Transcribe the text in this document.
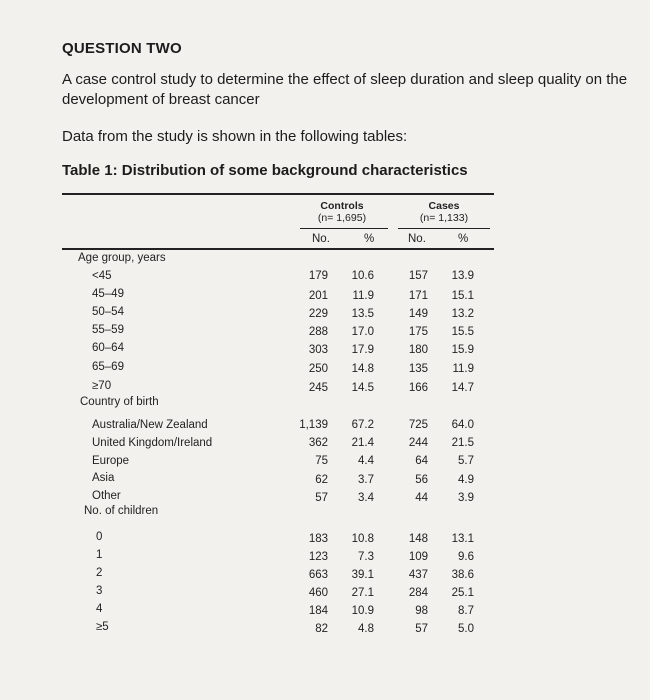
QUESTION TWO
A case control study to determine the effect of sleep duration and sleep quality on the development of breast cancer
Data from the study is shown in the following tables:
Table 1: Distribution of some background characteristics
Controls
(n= 1,695)
Cases
(n= 1,133)
No.	%	No.	%
Age group, years
<45	179	10.6	157	13.9
45–49	201	11.9	171	15.1
50–54	229	13.5	149	13.2
55–59	288	17.0	175	15.5
60–64	303	17.9	180	15.9
65–69	250	14.8	135	11.9
≥70	245	14.5	166	14.7
Country of birth
Australia/New Zealand	1,139	67.2	725	64.0
United Kingdom/Ireland	362	21.4	244	21.5
Europe	75	4.4	64	5.7
Asia	62	3.7	56	4.9
Other	57	3.4	44	3.9
No. of children
0	183	10.8	148	13.1
1	123	7.3	109	9.6
2	663	39.1	437	38.6
3	460	27.1	284	25.1
4	184	10.9	98	8.7
≥5	82	4.8	57	5.0
